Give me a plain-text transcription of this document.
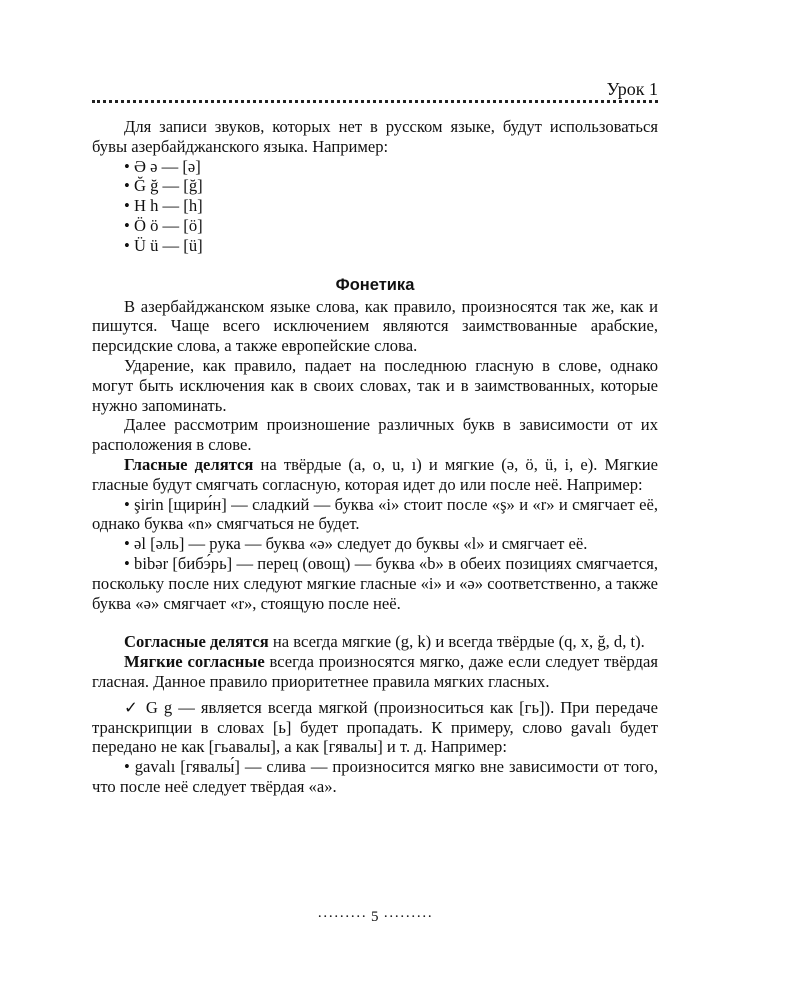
Урок 1

Для записи звуков, которых нет в русском языке, будут использоваться бувы азербайджанского языка. Например:

• Ə ə — [ə]
• Ğ ğ — [ğ]
• H h — [h]
• Ö ö — [ö]
• Ü ü — [ü]
Фонетика

В азербайджанском языке слова, как правило, произносятся так же, как и пишутся. Чаще всего исключением являются заимствованные арабские, персидские слова, а также европейские слова.

Ударение, как правило, падает на последнюю гласную в слове, однако могут быть исключения как в своих словах, так и в заимствованных, которые нужно запоминать.

Далее рассмотрим произношение различных букв в зависимости от их расположения в слове.

Гласные делятся на твёрдые (a, o, u, ı) и мягкие (ə, ö, ü, i, e). Мягкие гласные будут смягчать согласную, которая идет до или после неё. Например:

• şirin [щири́н] — сладкий — буква «i» стоит после «ş» и «r» и смягчает её, однако буква «n» смягчаться не будет.

• əl [əль] — рука — буква «ə» следует до буквы «l» и смягчает её.

• bibər [бибэ́рь] — перец (овощ) — буква «b» в обеих позициях смягчается, поскольку после них следуют мягкие гласные «i» и «ə» соответственно, а также буква «ə» смягчает «r», стоящую после неё.

Согласные делятся на всегда мягкие (g, k) и всегда твёрдые (q, x, ğ, d, t).

Мягкие согласные всегда произносятся мягко, даже если следует твёрдая гласная. Данное правило приоритетнее правила мягких гласных.

✓ G g — является всегда мягкой (произноситься как [гь]). При передаче транскрипции в словах [ь] будет пропадать. К примеру, слово gavalı будет передано не как [гьавалы], а как [гявалы] и т. д. Например:

• gavalı [гявалы́] — слива — произносится мягко вне зависимости от того, что после неё следует твёрдая «a».

········· 5 ·········
